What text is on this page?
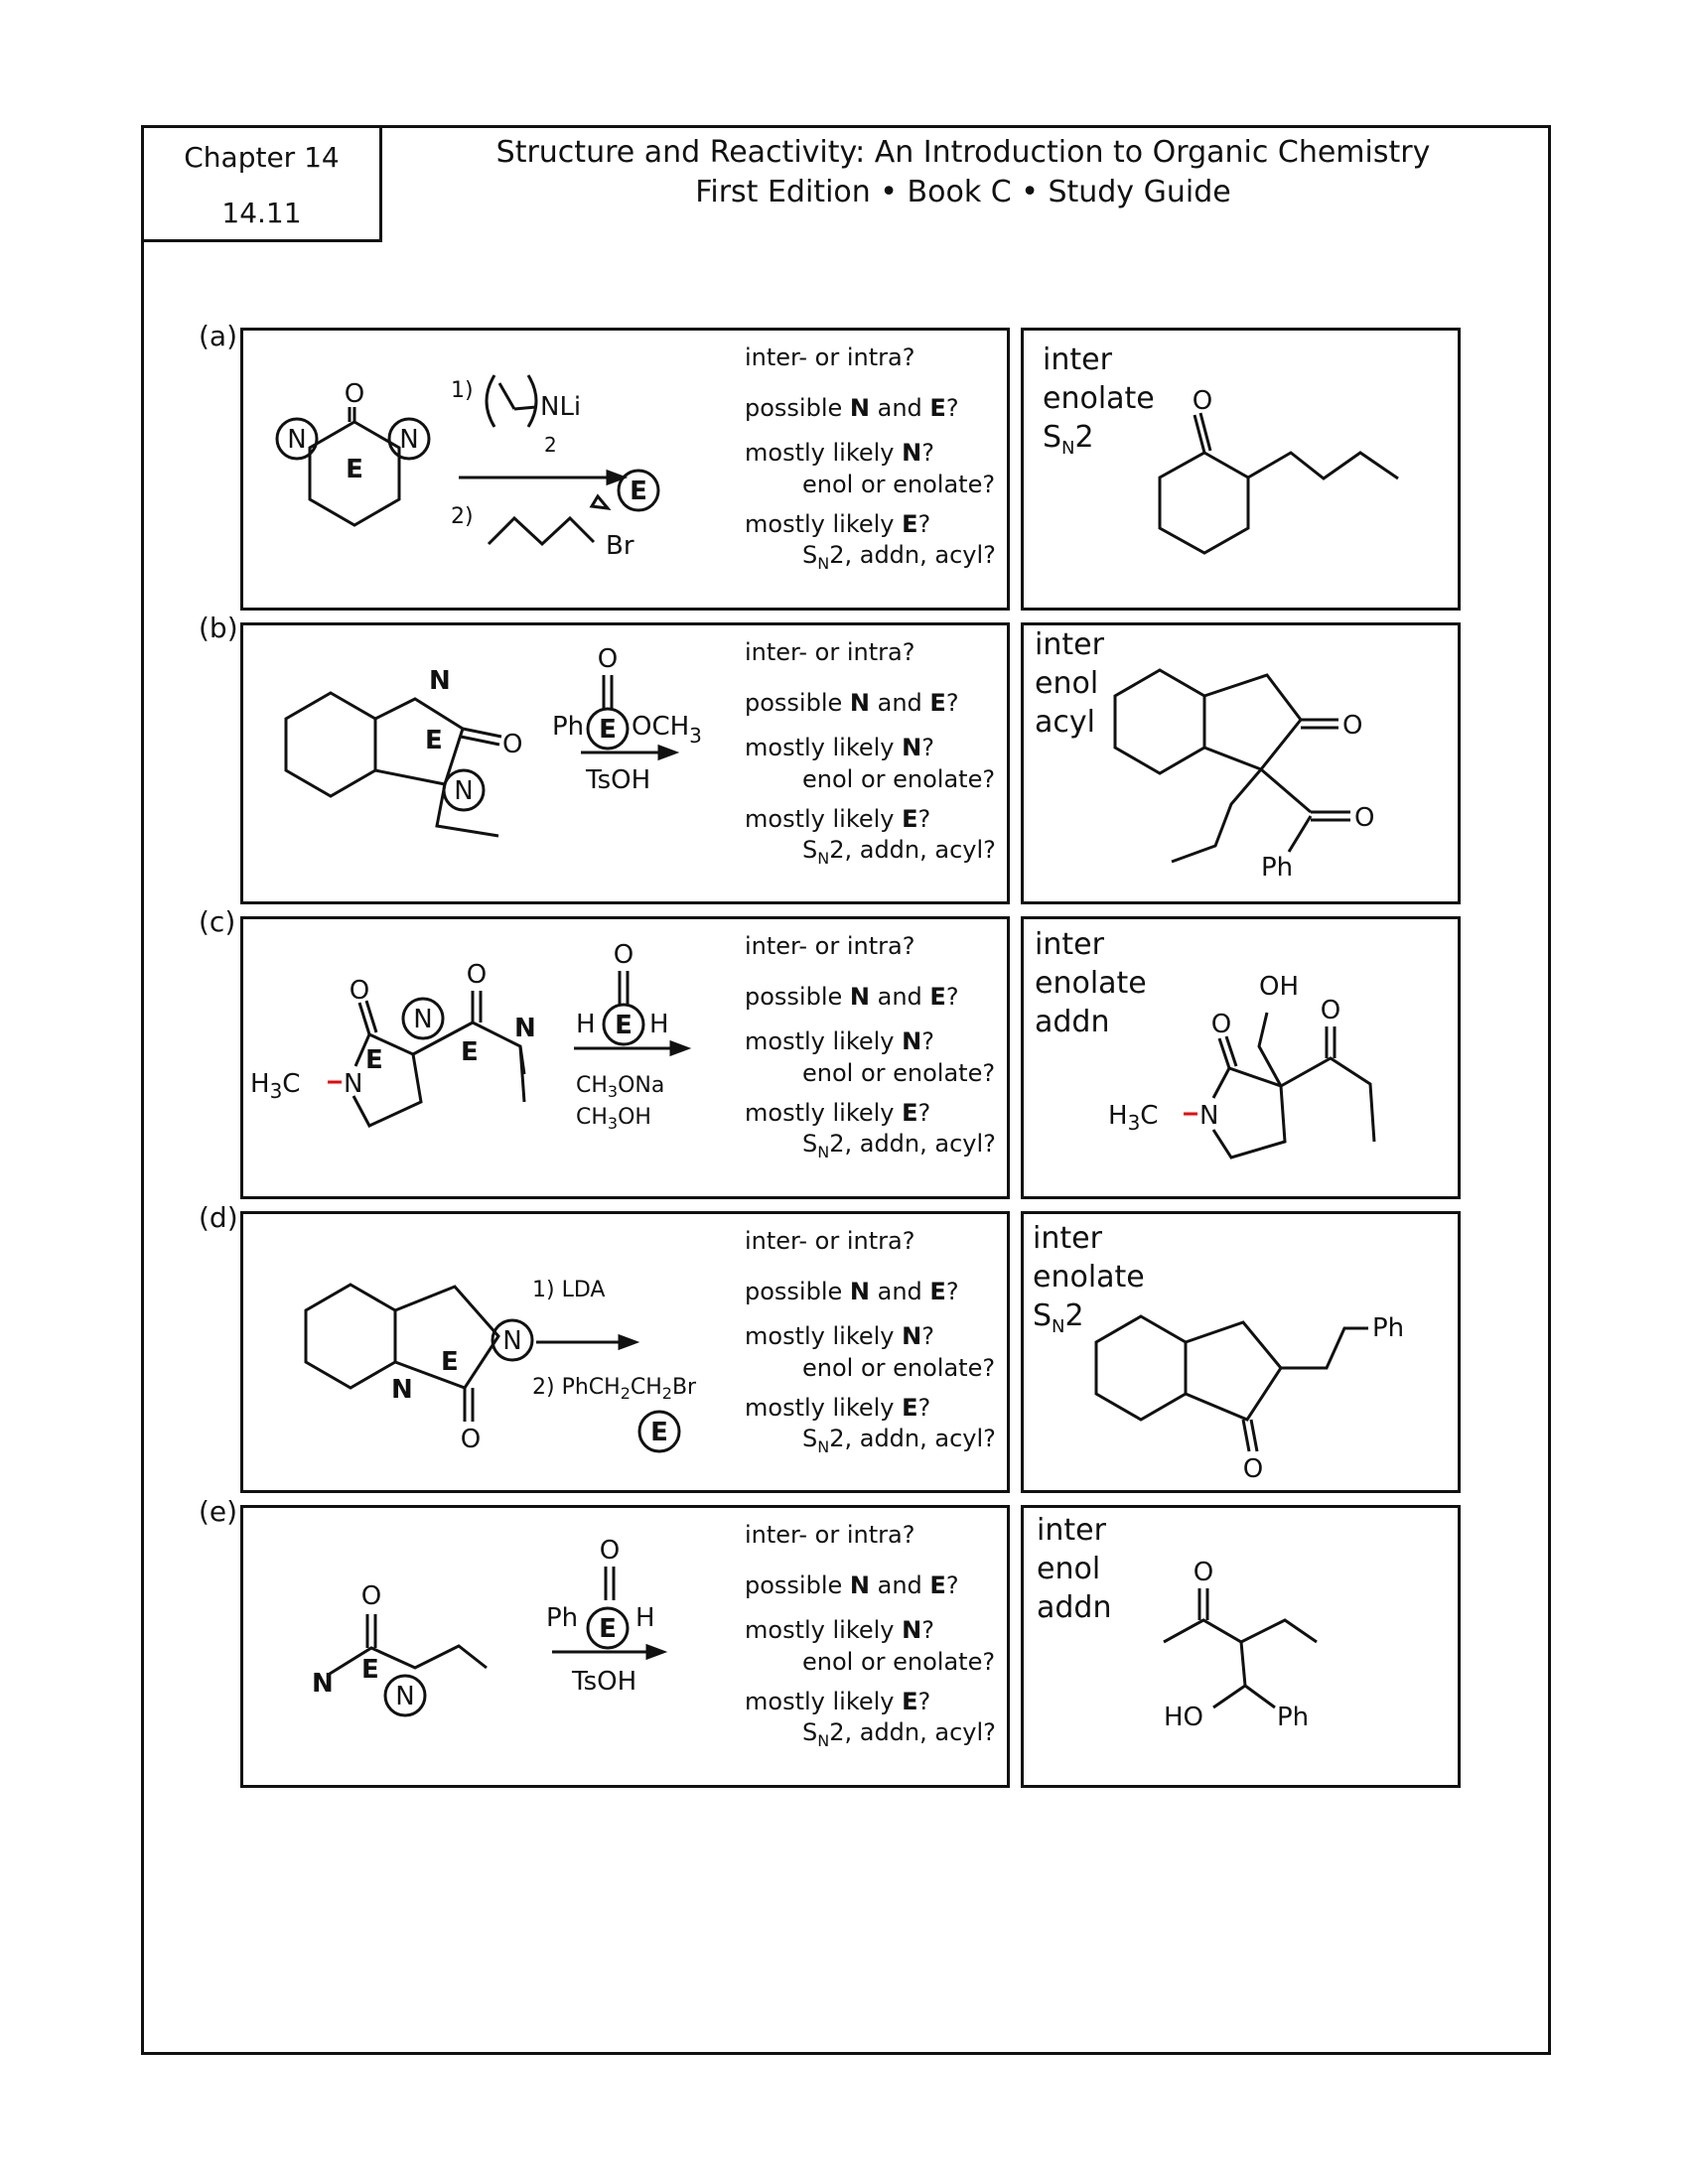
Chapter 14
14.11
Structure and Reactivity: An Introduction to Organic Chemistry
First Edition • Book C • Study Guide
(a)
(b)
(c)
(d)
(e)
inter- or intra?
possible N and E?
mostly likely N?
enol or enolate?
mostly likely E?
$S_N2$, addn, acyl?
inter- or intra?
possible N and E?
mostly likely N?
enol or enolate?
mostly likely E?
$S_N2$, addn, acyl?
inter- or intra?
possible N and E?
mostly likely N?
enol or enolate?
mostly likely E?
$S_N2$, addn, acyl?
inter- or intra?
possible N and E?
mostly likely N?
enol or enolate?
mostly likely E?
$S_N2$, addn, acyl?
inter- or intra?
possible N and E?
mostly likely N?
enol or enolate?
mostly likely E?
$S_N2$, addn, acyl?
inter
enolate
$S_N2$
inter
enol
acyl
inter
enolate
addn
inter
enolate
$S_N2$
inter
enol
addn
O
N	N
E
1)
NLi
2
2)
Br
E
O
O
N
E
N
O
Ph E $OCH_3$
TsOH
O
O
Ph
$H_3C$ N
O
E
N
O
E
N
O
H E H
$CH_3ONa$
$CH_3OH$	$H_3C$ N
O
OH
O
O
N
E
N
1) LDA
2) $PhCH_2CH_2Br$
E
O
Ph
N
O
E
N
O
Ph E H
TsOH
O
HO	Ph
